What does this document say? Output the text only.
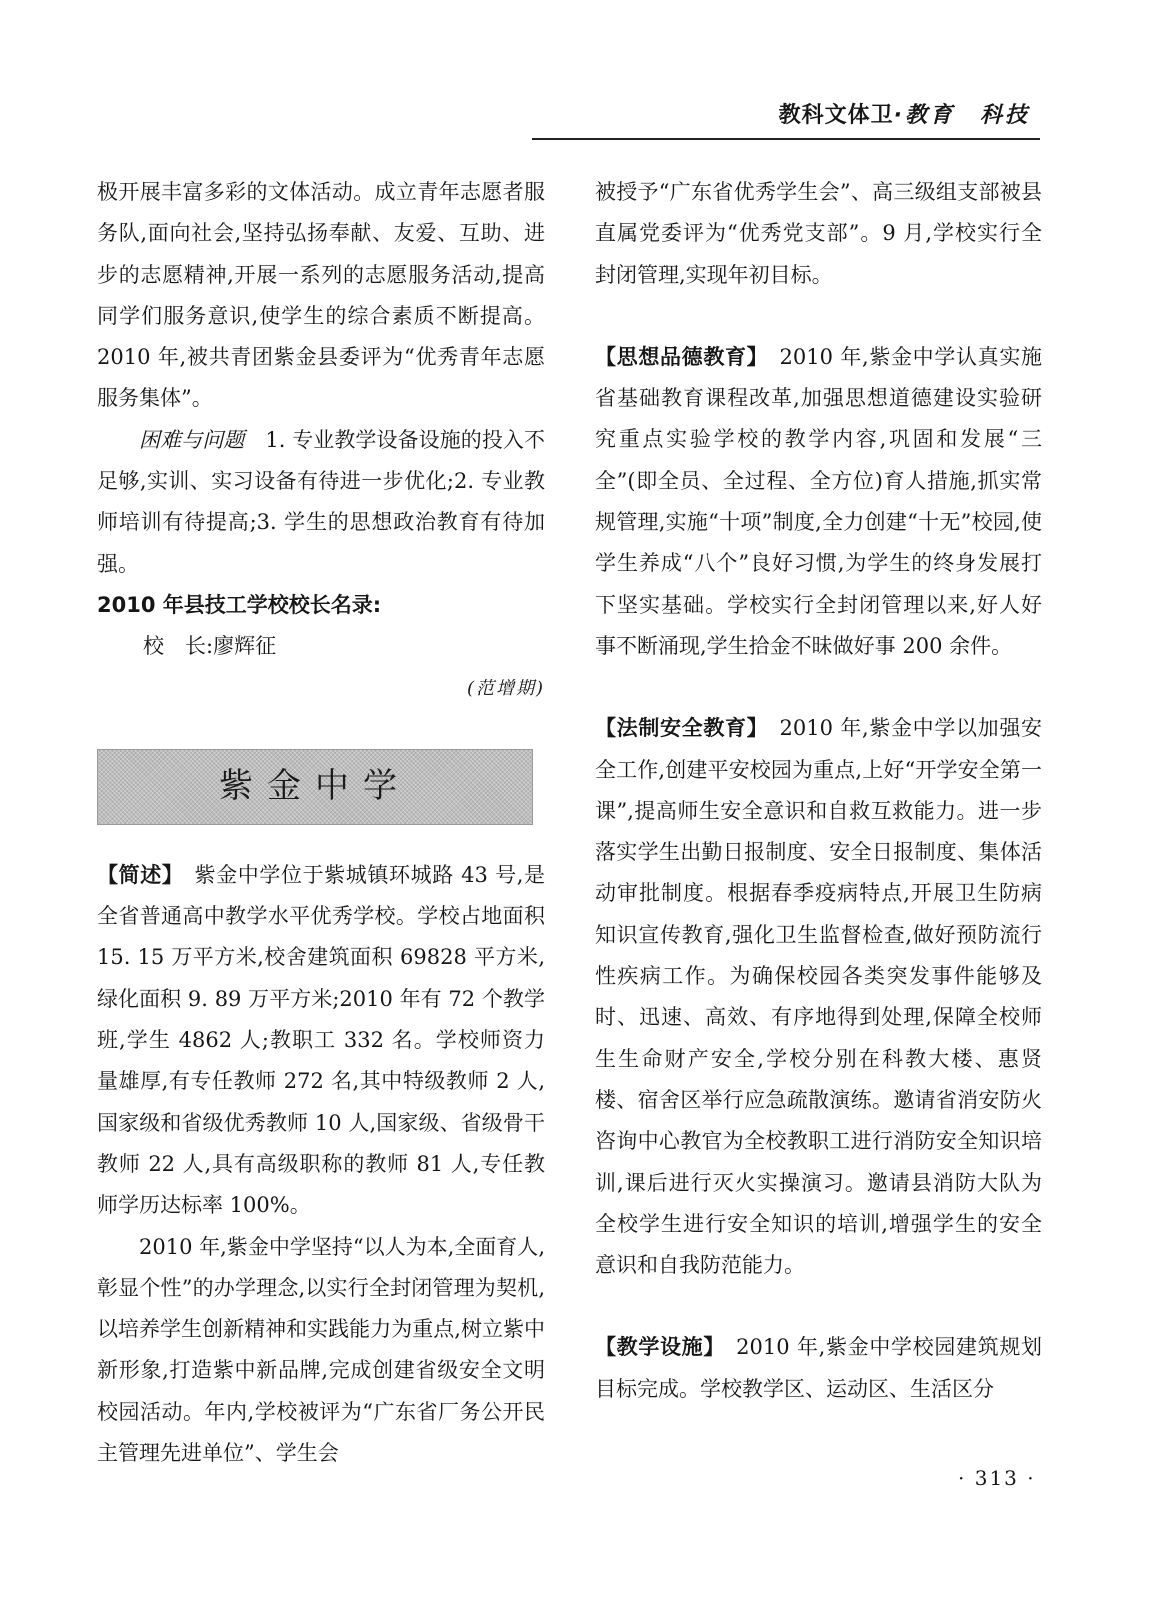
教科文体卫·教育　科技

极开展丰富多彩的文体活动。成立青年志愿者服务队,面向社会,坚持弘扬奉献、友爱、互助、进步的志愿精神,开展一系列的志愿服务活动,提高同学们服务意识,使学生的综合素质不断提高。2010 年,被共青团紫金县委评为“优秀青年志愿服务集体”。

困难与问题　1. 专业教学设备设施的投入不足够,实训、实习设备有待进一步优化;2. 专业教师培训有待提高;3. 学生的思想政治教育有待加强。

2010 年县技工学校校长名录:

校　长:廖辉征

(范增期)

紫金中学

【简述】　紫金中学位于紫城镇环城路 43 号,是全省普通高中教学水平优秀学校。学校占地面积 15. 15 万平方米,校舍建筑面积 69828 平方米,绿化面积 9. 89 万平方米;2010 年有 72 个教学班,学生 4862 人;教职工 332 名。学校师资力量雄厚,有专任教师 272 名,其中特级教师 2 人,国家级和省级优秀教师 10 人,国家级、省级骨干教师 22 人,具有高级职称的教师 81 人,专任教师学历达标率 100%。

2010 年,紫金中学坚持“以人为本,全面育人,彰显个性”的办学理念,以实行全封闭管理为契机,以培养学生创新精神和实践能力为重点,树立紫中新形象,打造紫中新品牌,完成创建省级安全文明校园活动。年内,学校被评为“广东省厂务公开民主管理先进单位”、学生会

被授予“广东省优秀学生会”、高三级组支部被县直属党委评为“优秀党支部”。9 月,学校实行全封闭管理,实现年初目标。

【思想品德教育】　2010 年,紫金中学认真实施省基础教育课程改革,加强思想道德建设实验研究重点实验学校的教学内容,巩固和发展“三全”(即全员、全过程、全方位)育人措施,抓实常规管理,实施“十项”制度,全力创建“十无”校园,使学生养成“八个”良好习惯,为学生的终身发展打下坚实基础。学校实行全封闭管理以来,好人好事不断涌现,学生拾金不昧做好事 200 余件。

【法制安全教育】　2010 年,紫金中学以加强安全工作,创建平安校园为重点,上好“开学安全第一课”,提高师生安全意识和自救互救能力。进一步落实学生出勤日报制度、安全日报制度、集体活动审批制度。根据春季疫病特点,开展卫生防病知识宣传教育,强化卫生监督检查,做好预防流行性疾病工作。为确保校园各类突发事件能够及时、迅速、高效、有序地得到处理,保障全校师生生命财产安全,学校分别在科教大楼、惠贤楼、宿舍区举行应急疏散演练。邀请省消安防火咨询中心教官为全校教职工进行消防安全知识培训,课后进行灭火实操演习。邀请县消防大队为全校学生进行安全知识的培训,增强学生的安全意识和自我防范能力。

【教学设施】　2010 年,紫金中学校园建筑规划目标完成。学校教学区、运动区、生活区分

· 313 ·
